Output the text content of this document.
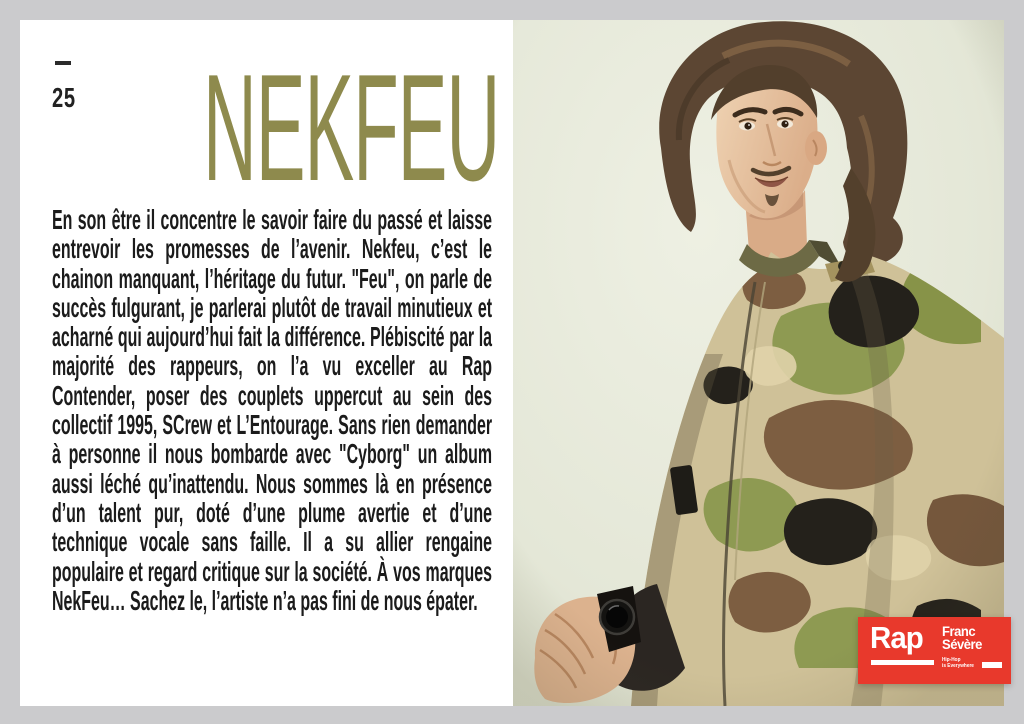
25 NEKFEU

En son être il concentre le savoir faire du passé et laisse entrevoir les promesses de l’avenir. Nekfeu, c’est le chainon manquant, l’héritage du futur. "Feu", on parle de succès fulgurant, je parlerai plutôt de travail minutieux et acharné qui aujourd’hui fait la différence. Plébiscité par la majorité des rappeurs, on l’a vu exceller au Rap Contender, poser des couplets uppercut au sein des collectif 1995, SCrew et L’Entourage. Sans rien demander à personne il nous bombarde avec "Cyborg" un album aussi léché qu’inattendu. Nous sommes là en présence d’un talent pur, doté d’une plume avertie et d’une technique vocale sans faille. Il a su allier rengaine populaire et regard critique sur la société. À vos marques NekFeu… Sachez le, l’artiste n’a pas fini de nous épater.

Rap Franc
Sévère
Hip-Hop
is Everywhere
